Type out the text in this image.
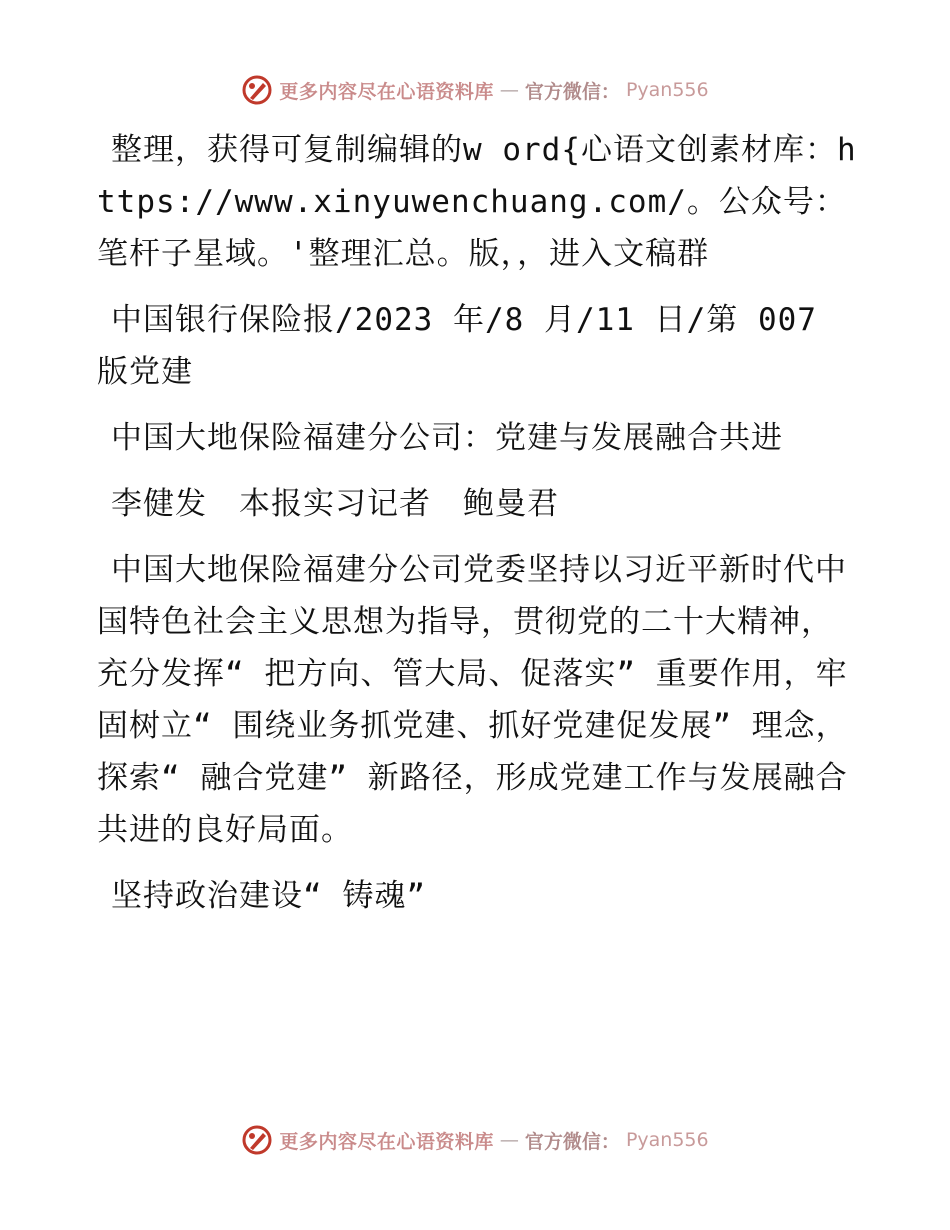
更多内容尽在心语资料库 — 官方微信： Pyan556

整理，获得可复制编辑的w ord{心语文创素材库：https://www.xinyuwenchuang.com/。公众号：笔杆子星域。'整理汇总。版，，进入文稿群

中国银行保险报/2023 年/8 月/11 日/第 007 版党建

中国大地保险福建分公司：党建与发展融合共进

李健发　本报实习记者　鲍曼君

中国大地保险福建分公司党委坚持以习近平新时代中国特色社会主义思想为指导，贯彻党的二十大精神，充分发挥“ 把方向、管大局、促落实” 重要作用，牢固树立“ 围绕业务抓党建、抓好党建促发展” 理念，探索“ 融合党建” 新路径，形成党建工作与发展融合共进的良好局面。

坚持政治建设“ 铸魂”

更多内容尽在心语资料库 — 官方微信： Pyan556
